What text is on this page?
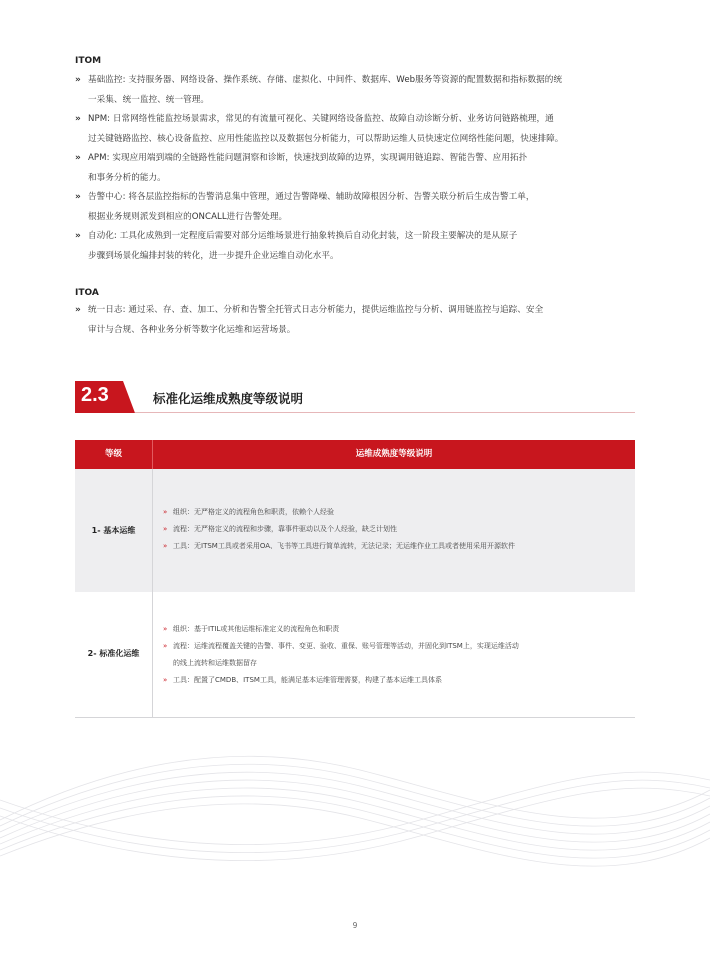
ITOM
» 基础监控: 支持服务器、网络设备、操作系统、存储、虚拟化、中间件、数据库、Web服务等资源的配置数据和指标数据的统
一采集、统一监控、统一管理。
» NPM: 日常网络性能监控场景需求，常见的有流量可视化、关键网络设备监控、故障自动诊断分析、业务访问链路梳理，通
过关键链路监控、核心设备监控、应用性能监控以及数据包分析能力，可以帮助运维人员快速定位网络性能问题，快速排障。
» APM: 实现应用端到端的全链路性能问题洞察和诊断，快速找到故障的边界，实现调用链追踪、智能告警、应用拓扑
和事务分析的能力。
» 告警中心: 将各层监控指标的告警消息集中管理，通过告警降噪、辅助故障根因分析、告警关联分析后生成告警工单，
根据业务规则派发到相应的ONCALL进行告警处理。
» 自动化: 工具化成熟到一定程度后需要对部分运维场景进行抽象转换后自动化封装，这一阶段主要解决的是从原子
步骤到场景化编排封装的转化，进一步提升企业运维自动化水平。
ITOA
» 统一日志: 通过采、存、查、加工、分析和告警全托管式日志分析能力，提供运维监控与分析、调用链监控与追踪、安全
审计与合规、各种业务分析等数字化运维和运营场景。
2.3	标准化运维成熟度等级说明
等级	运维成熟度等级说明
1- 基本运维
» 组织：无严格定义的流程角色和职责，依赖个人经验
» 流程：无严格定义的流程和步骤，靠事件驱动以及个人经验，缺乏计划性
» 工具：无ITSM工具或者采用OA、飞书等工具进行简单流转，无法记录；无运维作业工具或者使用采用开源软件
2- 标准化运维
» 组织：基于ITIL或其他运维标准定义的流程角色和职责
» 流程：运维流程覆盖关键的告警、事件、变更、验收、重保、账号管理等活动，并固化到ITSM上，实现运维活动
的线上流转和运维数据留存
» 工具：配置了CMDB、ITSM工具，能满足基本运维管理需要，构建了基本运维工具体系
9
